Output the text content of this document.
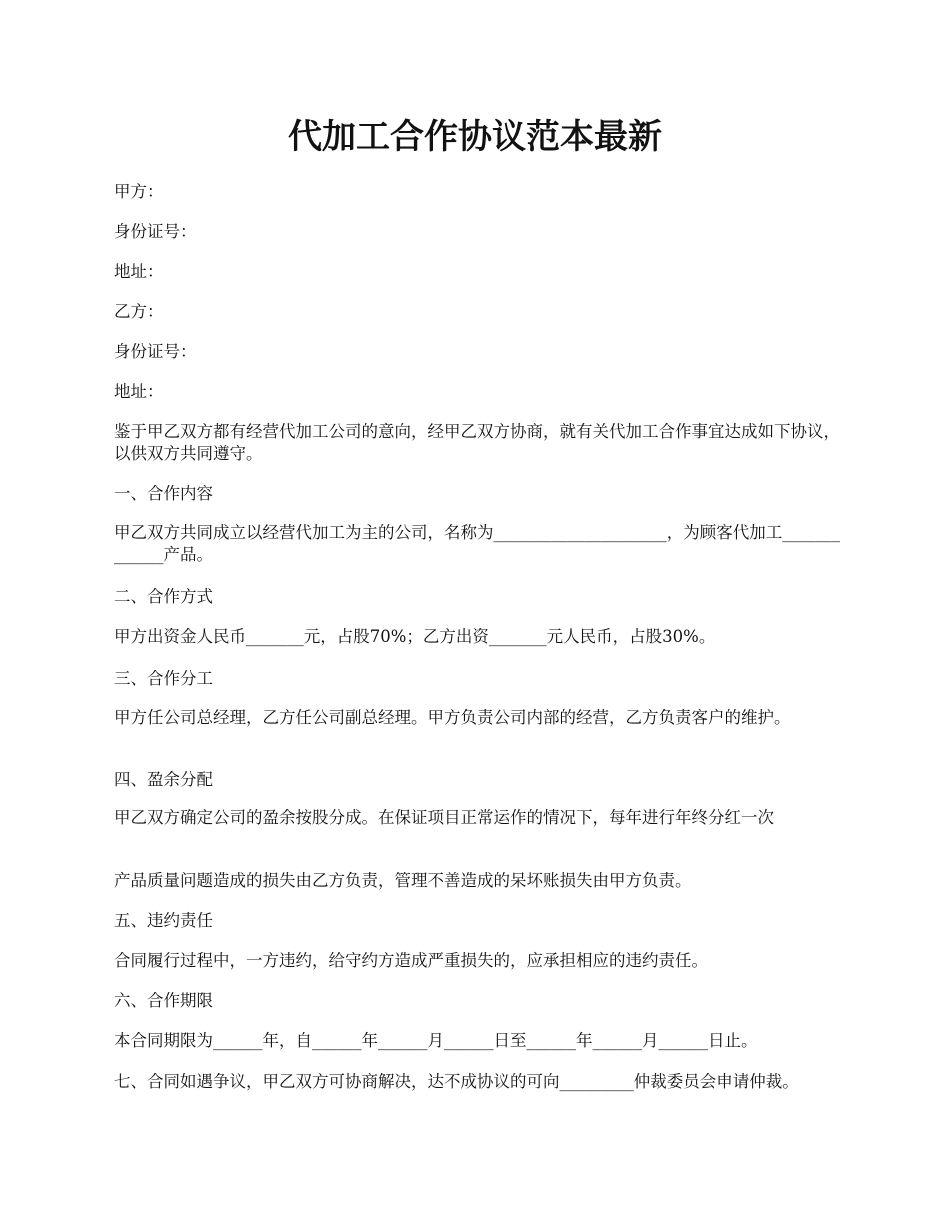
代加工合作协议范本最新

甲方：

身份证号：

地址：

乙方：

身份证号：

地址：

鉴于甲乙双方都有经营代加工公司的意向，经甲乙双方协商，就有关代加工合作事宜达成如下协议，以供双方共同遵守。

一、合作内容

甲乙双方共同成立以经营代加工为主的公司，名称为_____________________，为顾客代加工_____________产品。

二、合作方式

甲方出资金人民币_______元，占股70%；乙方出资_______元人民币，占股30%。

三、合作分工

甲方任公司总经理，乙方任公司副总经理。甲方负责公司内部的经营，乙方负责客户的维护。

四、盈余分配

甲乙双方确定公司的盈余按股分成。在保证项目正常运作的情况下，每年进行年终分红一次

产品质量问题造成的损失由乙方负责，管理不善造成的呆坏账损失由甲方负责。

五、违约责任

合同履行过程中，一方违约，给守约方造成严重损失的，应承担相应的违约责任。

六、合作期限

本合同期限为______年，自______年______月______日至______年______月______日止。

七、合同如遇争议，甲乙双方可协商解决，达不成协议的可向_________仲裁委员会申请仲裁。
